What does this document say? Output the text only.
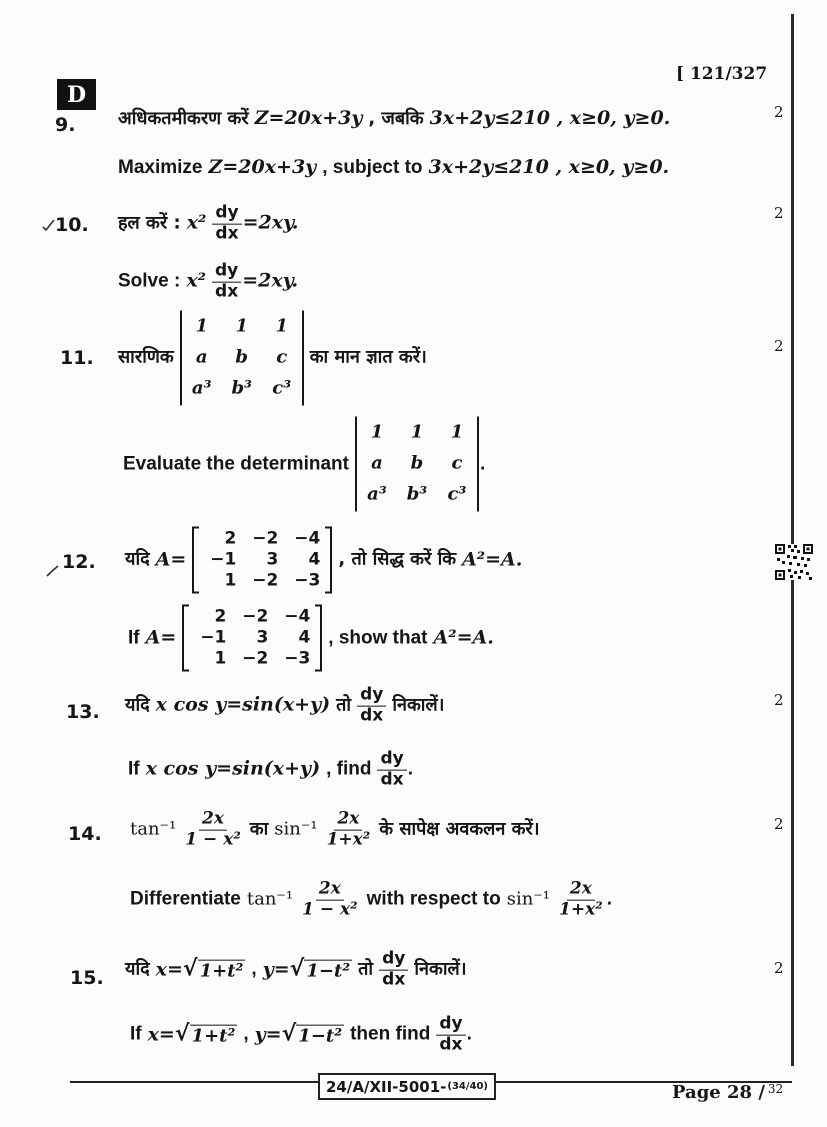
D
[ 121/327
9. अधिकतमीकरण करें Z=20x+3y , जबकि 3x+2y≤210 , x≥0, y≥0.	2
Maximize Z=20x+3y , subject to 3x+2y≤210 , x≥0, y≥0.
10. हल करें : $x^2 \frac{dy}{dx} =2xy$.	2
Solve : $x^2 \frac{dy}{dx} =2xy$.
11. सारणिक
1	1	1
a	b	c
a³	b³	c³
का मान ज्ञात करें।
2
Evaluate the determinant
1	1	1
a	b	c
a³	b³	c³
.
12. यदि A=
2 −2 −4
−1	3	4
1 −2 −3
, तो सिद्ध करें कि A²=A.
If A=
2 −2 −4
−1	3	4
1 −2 −3
, show that A²=A.
13. यदि x cos y=sin(x+y) तो $\frac{dy}{dx}$ निकालें।	2
If x cos y=sin(x+y) , find $\frac{dy}{dx}$ .
14. $\tan^{-1} \frac{2x}{\text{1 − x²}}$ का $\sin^{-1} \frac{2x}{\text{1+x²}}$ के सापेक्ष अवकलन करें।	2
Differentiate $\tan^{-1} \frac{2x}{\text{1 − x²}}$ with respect to $\sin^{-1} \frac{2x}{\text{1+x²}}$ .
15. यदि x= √ 1+t² , y= √ 1−t² तो $\frac{dy}{dx}$ निकालें।	2
If x= √ 1+t² , y= √ 1−t² then find $\frac{dy}{dx}$ .
24/A/XII-5001- (34/40)	Page 28 / 32
